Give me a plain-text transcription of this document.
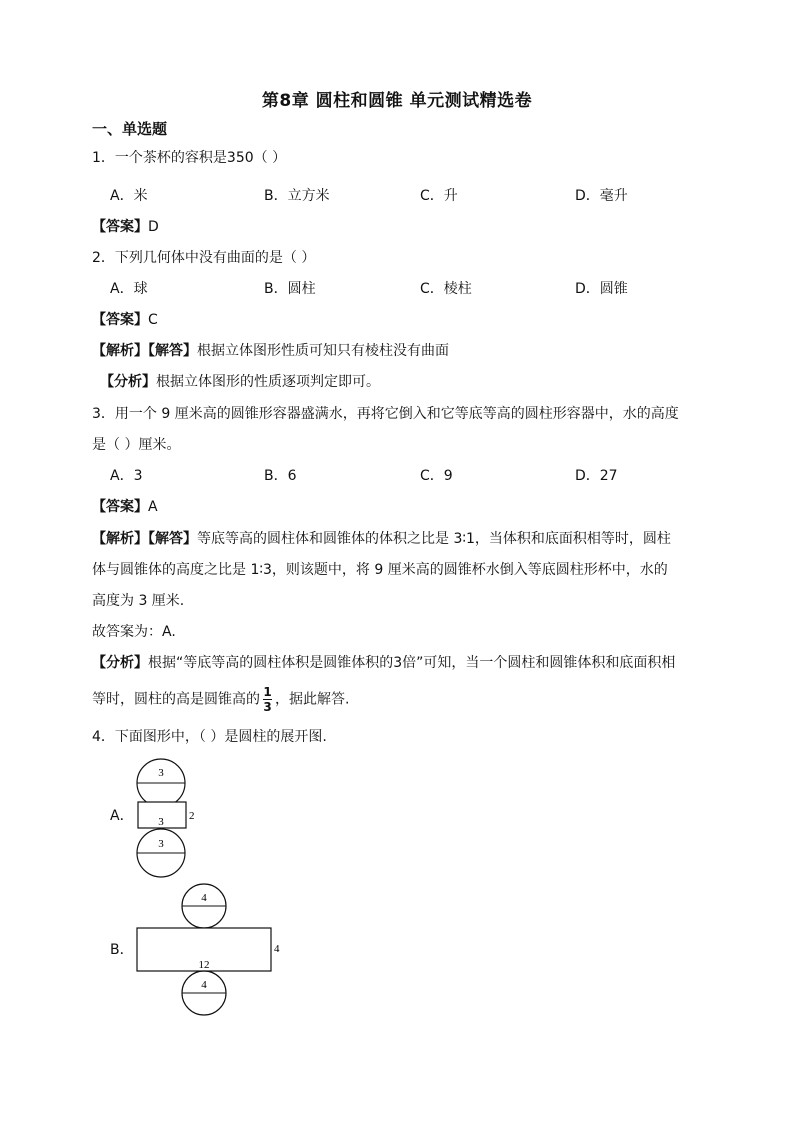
第8章 圆柱和圆锥 单元测试精选卷
一、单选题
1．一个茶杯的容积是350（ ）
A．米	B．立方米	C．升	D．毫升
【答案】D
2．下列几何体中没有曲面的是（ ）
A．球	B．圆柱	C．棱柱	D．圆锥
【答案】C
【解析】【解答】根据立体图形性质可知只有棱柱没有曲面
【分析】根据立体图形的性质逐项判定即可。
3．用一个 9 厘米高的圆锥形容器盛满水，再将它倒入和它等底等高的圆柱形容器中，水的高度
是（ ）厘米。
A．3	B．6	C．9	D．27
【答案】A
【解析】【解答】等底等高的圆柱体和圆锥体的体积之比是 3∶1，当体积和底面积相等时，圆柱
体与圆锥体的高度之比是 1∶3，则该题中，将 9 厘米高的圆锥杯水倒入等底圆柱形杯中，水的
高度为 3 厘米.
故答案为：A.
【分析】根据“等底等高的圆柱体积是圆锥体积的3倍”可知，当一个圆柱和圆锥体积和底面积相
等时，圆柱的高是圆锥高的 $\frac{1}{3}$ ，据此解答.
4．下面图形中，（ ）是圆柱的展开图.
A．
3
3 2
3
B．
4
12
4
4
